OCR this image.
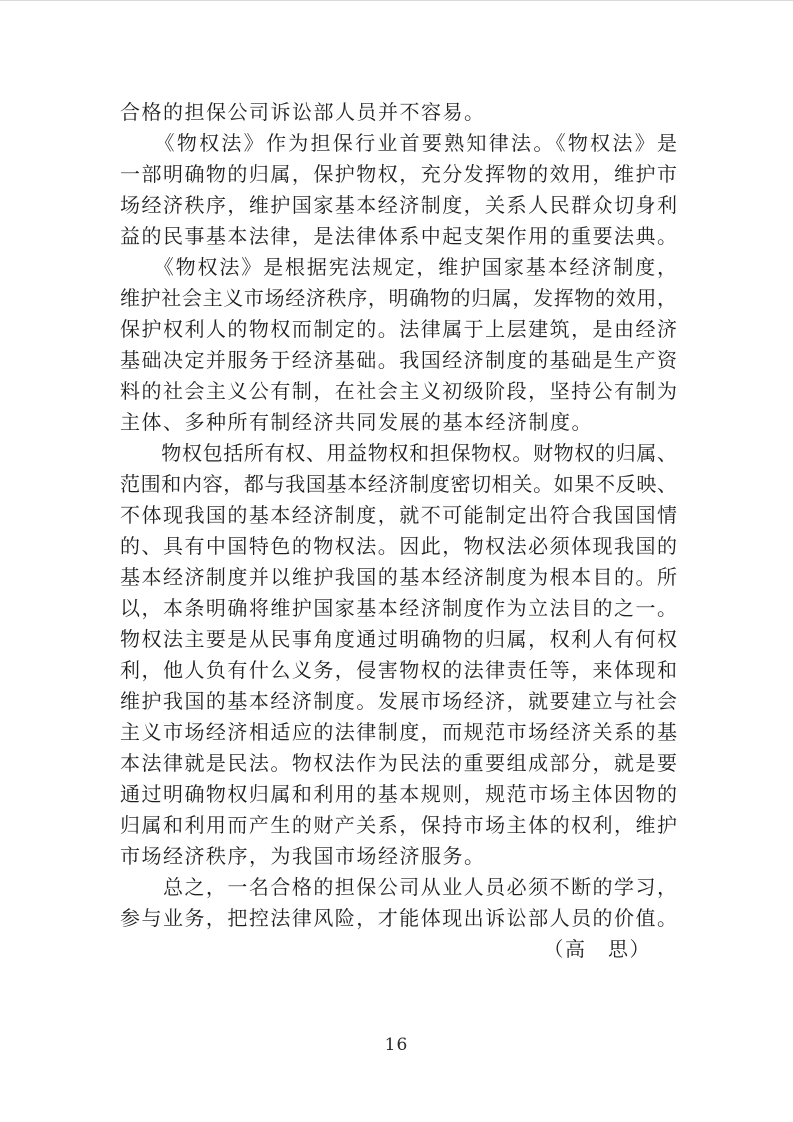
合格的担保公司诉讼部人员并不容易。
　　《物权法》作为担保行业首要熟知律法。《物权法》是
一部明确物的归属，保护物权，充分发挥物的效用，维护市
场经济秩序，维护国家基本经济制度，关系人民群众切身利
益的民事基本法律，是法律体系中起支架作用的重要法典。
　　《物权法》是根据宪法规定，维护国家基本经济制度，
维护社会主义市场经济秩序，明确物的归属，发挥物的效用，
保护权利人的物权而制定的。法律属于上层建筑，是由经济
基础决定并服务于经济基础。我国经济制度的基础是生产资
料的社会主义公有制，在社会主义初级阶段，坚持公有制为
主体、多种所有制经济共同发展的基本经济制度。
　　物权包括所有权、用益物权和担保物权。财物权的归属、
范围和内容，都与我国基本经济制度密切相关。如果不反映、
不体现我国的基本经济制度，就不可能制定出符合我国国情
的、具有中国特色的物权法。因此，物权法必须体现我国的
基本经济制度并以维护我国的基本经济制度为根本目的。所
以，本条明确将维护国家基本经济制度作为立法目的之一。
物权法主要是从民事角度通过明确物的归属，权利人有何权
利，他人负有什么义务，侵害物权的法律责任等，来体现和
维护我国的基本经济制度。发展市场经济，就要建立与社会
主义市场经济相适应的法律制度，而规范市场经济关系的基
本法律就是民法。物权法作为民法的重要组成部分，就是要
通过明确物权归属和利用的基本规则，规范市场主体因物的
归属和利用而产生的财产关系，保持市场主体的权利，维护
市场经济秩序，为我国市场经济服务。
　　总之，一名合格的担保公司从业人员必须不断的学习，
参与业务，把控法律风险，才能体现出诉讼部人员的价值。
（高　思）
16
